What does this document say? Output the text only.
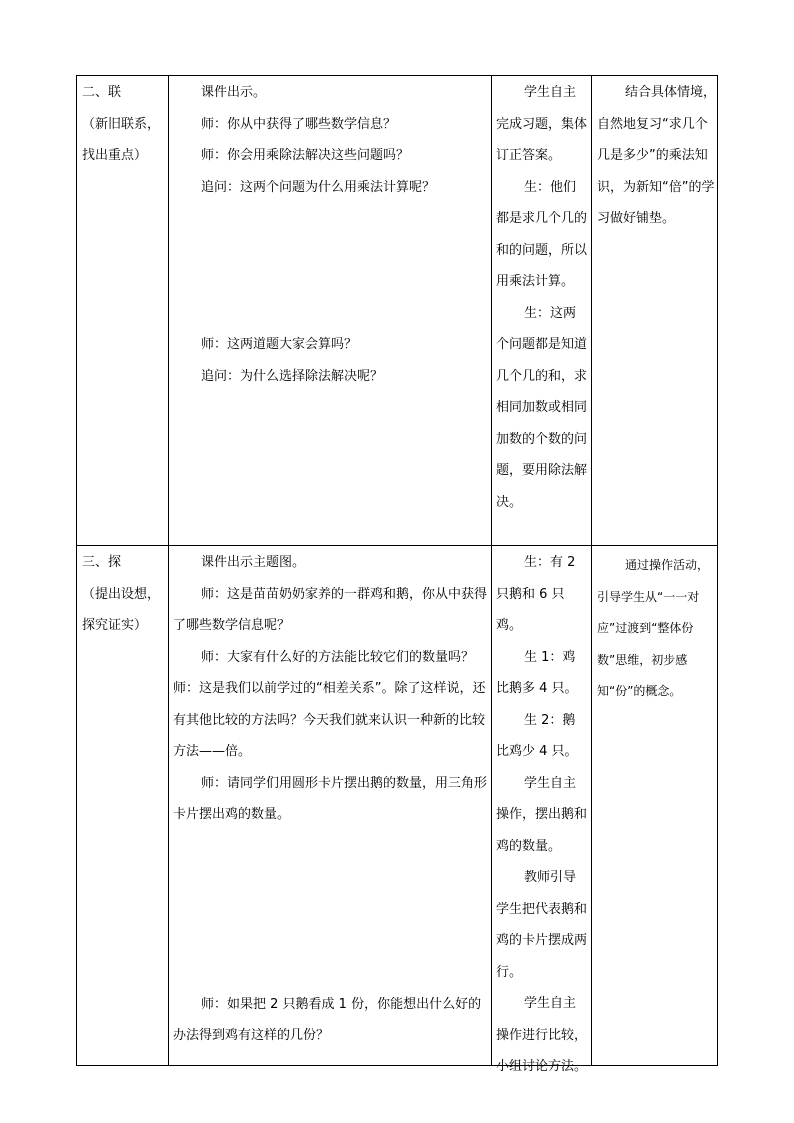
二、联

（新旧联系，

找出重点）

课件出示。

师：你从中获得了哪些数学信息？

师：你会用乘除法解决这些问题吗？

追问：这两个问题为什么用乘法计算呢？

师：这两道题大家会算吗？

追问：为什么选择除法解决呢？

学生自主完成习题，集体订正答案。

生：他们都是求几个几的和的问题，所以用乘法计算。

生：这两个问题都是知道几个几的和，求相同加数或相同加数的个数的问题，要用除法解决。

结合具体情境，自然地复习“求几个几是多少”的乘法知识，为新知“倍”的学习做好铺垫。

三、探

（提出设想，

探究证实）

课件出示主题图。

师：这是苗苗奶奶家养的一群鸡和鹅，你从中获得了哪些数学信息呢？

师：大家有什么好的方法能比较它们的数量吗？师：这是我们以前学过的“相差关系”。除了这样说，还有其他比较的方法吗？今天我们就来认识一种新的比较方法——倍。

师：请同学们用圆形卡片摆出鹅的数量，用三角形卡片摆出鸡的数量。

师：如果把 2 只鹅看成 1 份，你能想出什么好的办法得到鸡有这样的几份？

生：有 2 只鹅和 6 只鸡。

生 1：鸡比鹅多 4 只。

生 2：鹅比鸡少 4 只。

学生自主操作，摆出鹅和鸡的数量。

教师引导学生把代表鹅和鸡的卡片摆成两行。

学生自主操作进行比较，小组讨论方法。

通过操作活动，引导学生从“一一对应”过渡到“整体份数”思维，初步感知“份”的概念。
